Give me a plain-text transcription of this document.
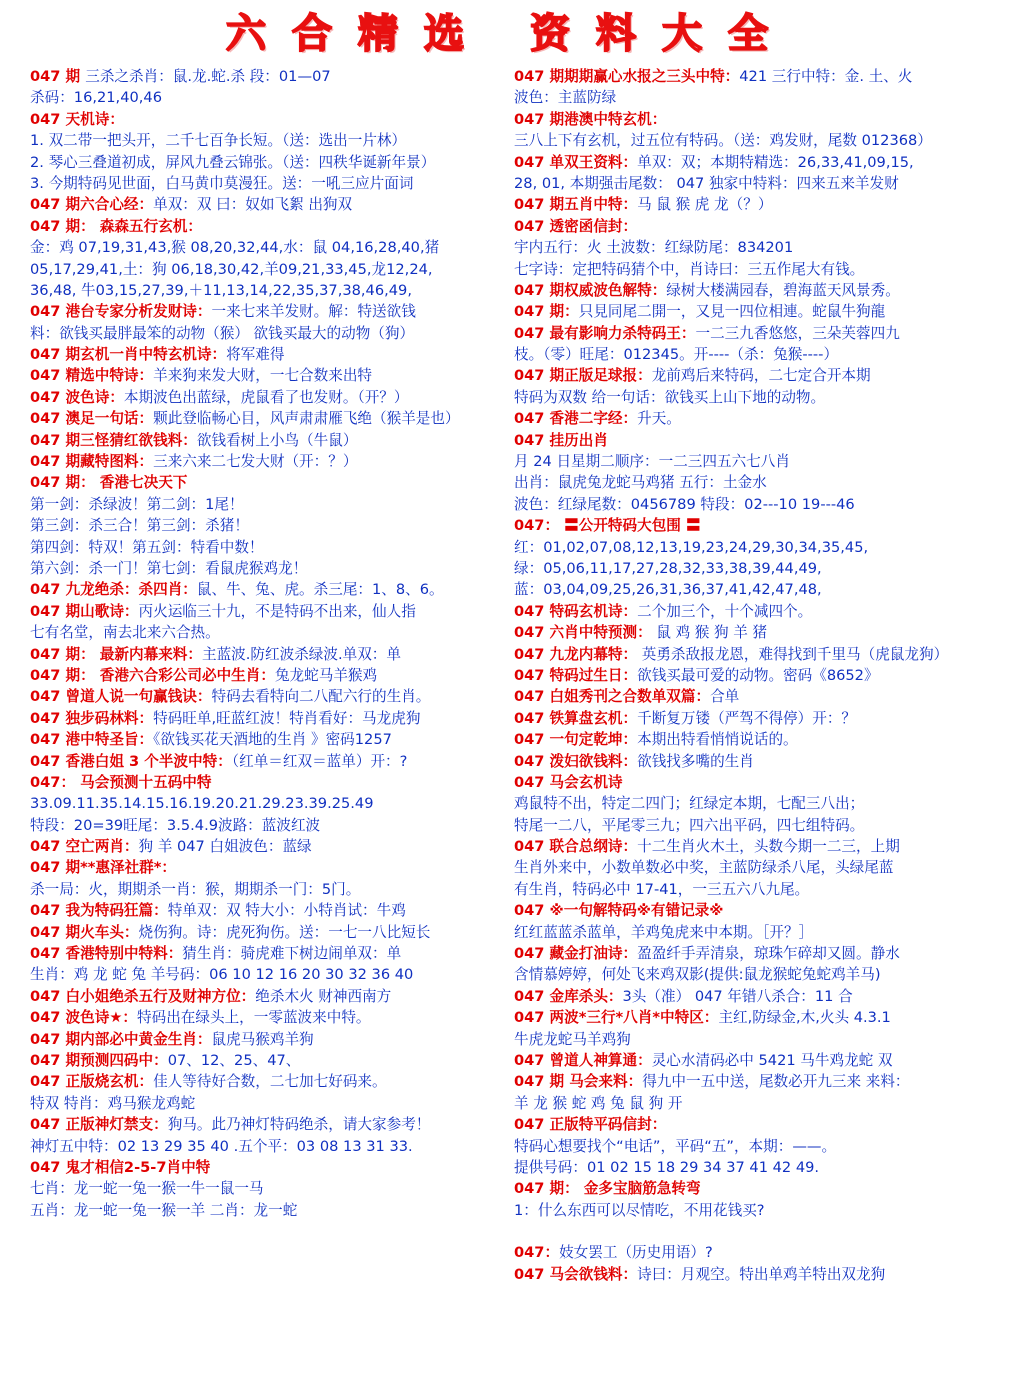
六合精选 资料大全
047 期 三杀之杀肖：鼠.龙.蛇.杀 段：01—07
杀码：16,21,40,46
047 天机诗：
1. 双二带一把头开，二千七百争长短。（送：选出一片林）
2. 琴心三叠道初成，屏风九叠云锦张。（送：四秩华诞新年景）
3. 今期特码见世面，白马黄巾莫漫狂。送：一吼三应片面词
047 期六合心经：单双：双 曰：奴如飞絮 出狗双
047 期： 森森五行玄机：
金：鸡 07,19,31,43,猴 08,20,32,44,水：鼠 04,16,28,40,猪
05,17,29,41,土：狗 06,18,30,42,羊09,21,33,45,龙12,24,
36,48, 牛03,15,27,39,＋11,13,14,22,35,37,38,46,49,
047 港台专家分析发财诗：一来七来羊发财。解：特送欲钱
料：欲钱买最胖最笨的动物（猴） 欲钱买最大的动物（狗）
047 期玄机一肖中特玄机诗：将军难得
047 精选中特诗：羊来狗来发大财，一七合数来出特
047 波色诗：本期波色出蓝绿，虎鼠看了也发财。（开？）
047 澳足一句话：颗此登临畅心目，风声肃肃雁飞绝（猴羊是也）
047 期三怪猜红欲钱料：欲钱看树上小鸟（牛鼠）
047 期藏特图料：三来六来二七发大财（开：？）
047 期： 香港七决天下
第一剑：杀绿波！第二剑：1尾！
第三剑：杀三合！第三剑：杀猪！
第四剑：特双！第五剑：特看中数！
第六剑：杀一门！第七剑：看鼠虎猴鸡龙！
047 九龙绝杀：杀四肖：鼠、牛、兔、虎。杀三尾：1、8、6。
047 期山歌诗：丙火运临三十九，不是特码不出来，仙人指
七有名堂，南去北来六合热。
047 期： 最新内幕来料：主蓝波.防红波杀绿波.单双：单
047 期： 香港六合彩公司必中生肖：兔龙蛇马羊猴鸡
047 曾道人说一句赢钱诀：特码去看特向二八配六行的生肖。
047 独步码林料：特码旺单,旺蓝红波！特肖看好：马龙虎狗
047 港中特圣旨：《欲钱买花天酒地的生肖 》密码1257
047 香港白姐 3 个半波中特：（红单＝红双＝蓝单）开：?
047： 马会预测十五码中特
33.09.11.35.14.15.16.19.20.21.29.23.39.25.49
特段：20=39旺尾：3.5.4.9波路：蓝波红波
047 空亡两肖：狗 羊 047 白姐波色：蓝绿
047 期**惠泽社群*：
杀一局：火，期期杀一肖：猴，期期杀一门：5门。
047 我为特码狂篇：特单双：双 特大小：小特肖试：牛鸡
047 期火车头：烧伤狗。诗：虎死狗伤。送：一七一八比短长
047 香港特别中特料：猜生肖：骑虎难下树边闹单双：单
生肖：鸡 龙 蛇 兔 羊号码：06 10 12 16 20 30 32 36 40
047 白小姐绝杀五行及财神方位：绝杀木火 财神西南方
047 波色诗★：特码出在绿头上，一零蓝波来中特。
047 期内部必中黄金生肖：鼠虎马猴鸡羊狗
047 期预测四码中：07、12、25、47、
047 正版烧玄机：佳人等待好合数，二七加七好码来。
特双 特肖：鸡马猴龙鸡蛇
047 正版神灯禁支：狗马。此乃神灯特码绝杀，请大家参考！
神灯五中特：02 13 29 35 40 .五个平：03 08 13 31 33.
047 鬼才相信2-5-7肖中特
七肖：龙一蛇一兔一猴一牛一鼠一马
五肖：龙一蛇一兔一猴一羊 二肖：龙一蛇
047 期期期赢心水报之三头中特：421 三行中特：金. 土、火
波色：主蓝防绿
047 期港澳中特玄机：
三八上下有玄机，过五位有特码。（送：鸡发财，尾数 012368）
047 单双王资料：单双：双；本期特精选：26,33,41,09,15,
28, 01, 本期强击尾数： 047 独家中特料：四来五来羊发财
047 期五肖中特：马 鼠 猴 虎 龙（？）
047 透密函信封：
宇内五行：火 土波数：红绿防尾：834201
七字诗：定把特码猜个中，肖诗曰：三五作尾大有钱。
047 期权威波色解特：绿树大楼满园春，碧海蓝天风景秀。
047 期：只見同尾二開一，又見一四位相連。蛇鼠牛狗龍
047 最有影响力杀特码王：一二三九香悠悠，三朵芙蓉四九
枝。（零）旺尾：012345。开----（杀：兔猴----）
047 期正版足球报：龙前鸡后来特码，二七定合开本期
特码为双数 给一句话：欲钱买上山下地的动物。
047 香港二字经：升天。
047 挂历出肖
月 24 日星期二顺序：一二三四五六七八肖
出肖：鼠虎兔龙蛇马鸡猪 五行：土金水
波色：红绿尾数：0456789 特段：02---10 19---46
047： 〓公开特码大包围 〓
红：01,02,07,08,12,13,19,23,24,29,30,34,35,45,
绿：05,06,11,17,27,28,32,33,38,39,44,49,
蓝：03,04,09,25,26,31,36,37,41,42,47,48,
047 特码玄机诗：二个加三个，十个减四个。
047 六肖中特预测： 鼠 鸡 猴 狗 羊 猪
047 九龙内幕特： 英勇杀敌报龙恩，难得找到千里马（虎鼠龙狗）
047 特码过生日：欲钱买最可爱的动物。密码《8652》
047 白姐秀刊之合数单双篇：合单
047 铁算盘玄机：千断复万镂（严驾不得停）开：？
047 一句定乾坤：本期出特看悄悄说话的。
047 泼妇欲钱料：欲钱找多嘴的生肖
047 马会玄机诗
鸡鼠特不出，特定二四门；红绿定本期，七配三八出；
特尾一二八，平尾零三九；四六出平码，四七组特码。
047 联合总纲诗：十二生肖火木土，头数今期一二三，上期
生肖外来中，小数单数必中奖，主蓝防绿杀八尾，头绿尾蓝
有生肖，特码必中 17-41，一三五六八九尾。
047 ※一句解特码※有错记录※
红红蓝蓝杀蓝单，羊鸡兔虎来中本期。［开？］
047 藏金打油诗：盈盈纤手弄清泉，琼珠乍碎却又圆。静水
含情慕婷婷，何处飞来鸡双影(提供:鼠龙猴蛇兔蛇鸡羊马)
047 金库杀头：3头（准） 047 年错八杀合：11 合
047 两波*三行*八肖*中特区：主红,防绿金,木,火头 4.3.1
牛虎龙蛇马羊鸡狗
047 曾道人神算通：灵心水清码必中 5421 马牛鸡龙蛇 双
047 期 马会来料：得九中一五中送，尾数必开九三来 来料：
羊 龙 猴 蛇 鸡 兔 鼠 狗 开
047 正版特平码信封：
特码心想要找个“电话”，平码“五”，本期：——。
提供号码：01 02 15 18 29 34 37 41 42 49.
047 期： 金多宝脑筋急转弯
1：什么东西可以尽情吃，不用花钱买?
047：妓女罢工（历史用语）?
047 马会欲钱料：诗曰：月观空。特出单鸡羊特出双龙狗
